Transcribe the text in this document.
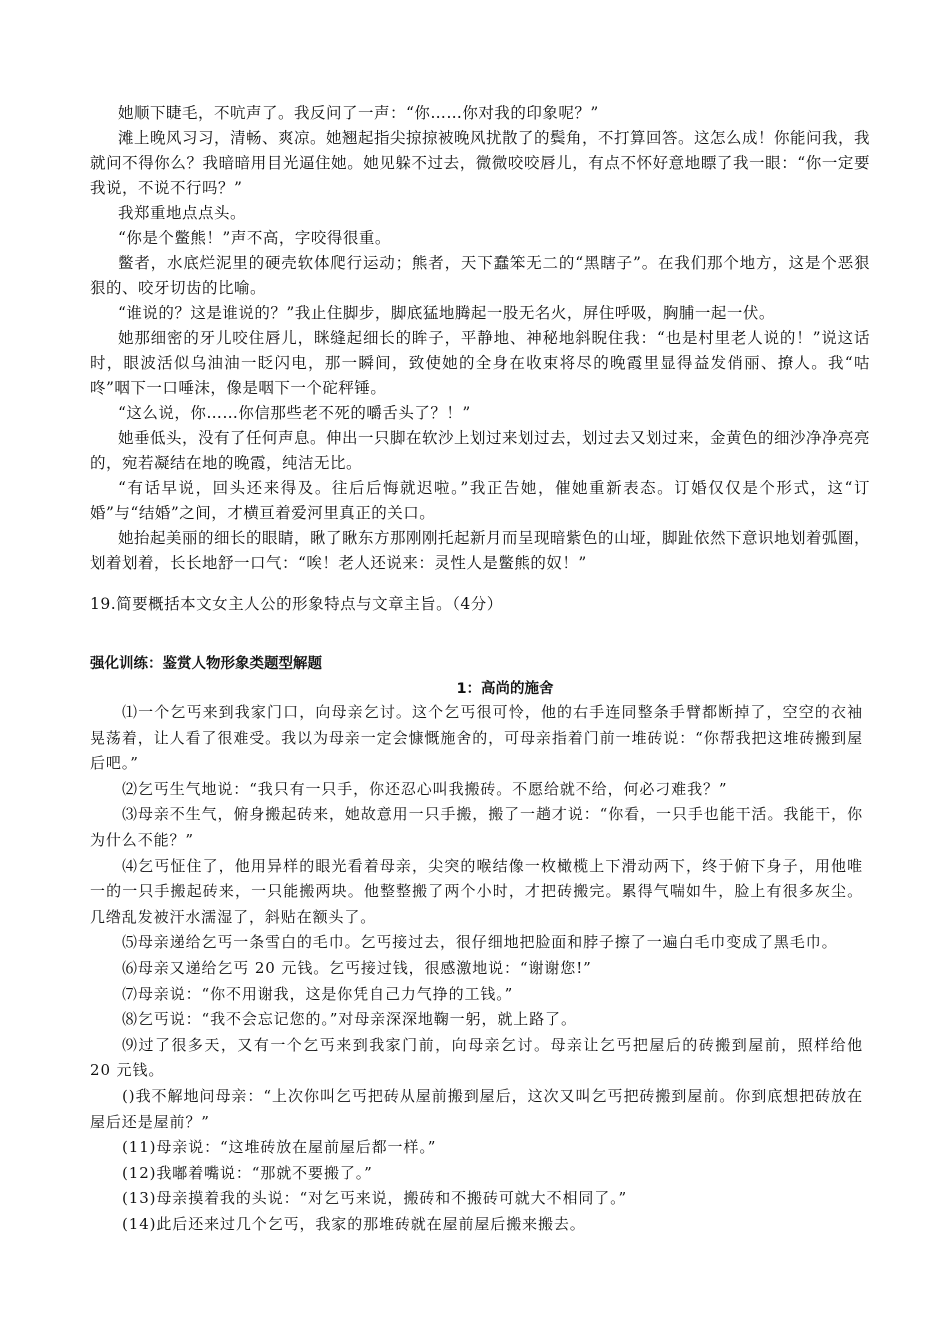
她顺下睫毛，不吭声了。我反问了一声：“你……你对我的印象呢？”

滩上晚风习习，清畅、爽凉。她翘起指尖掠掠被晚风扰散了的鬓角，不打算回答。这怎么成！你能问我，我就问不得你么？我暗暗用目光逼住她。她见躲不过去，微微咬咬唇儿，有点不怀好意地瞟了我一眼：“你一定要我说，不说不行吗？”

我郑重地点点头。

“你是个鳖熊！”声不高，字咬得很重。

鳖者，水底烂泥里的硬壳软体爬行运动；熊者，天下蠢笨无二的“黑瞎子”。在我们那个地方，这是个恶狠狠的、咬牙切齿的比喻。

“谁说的？这是谁说的？”我止住脚步，脚底猛地腾起一股无名火，屏住呼吸，胸脯一起一伏。

她那细密的牙儿咬住唇儿，眯缝起细长的眸子，平静地、神秘地斜睨住我：“也是村里老人说的！”说这话时，眼波活似乌油油一眨闪电，那一瞬间，致使她的全身在收束将尽的晚霞里显得益发俏丽、撩人。我“咕咚”咽下一口唾沫，像是咽下一个砣秤锤。

“这么说，你……你信那些老不死的嚼舌头了？！”

她垂低头，没有了任何声息。伸出一只脚在软沙上划过来划过去，划过去又划过来，金黄色的细沙净净亮亮的，宛若凝结在地的晚霞，纯洁无比。

“有话早说，回头还来得及。往后后悔就迟啦。”我正告她，催她重新表态。订婚仅仅是个形式，这“订婚”与“结婚”之间，才横亘着爱河里真正的关口。

她抬起美丽的细长的眼睛，瞅了瞅东方那刚刚托起新月而呈现暗紫色的山垭，脚趾依然下意识地划着弧圈，划着划着，长长地舒一口气：“唉！老人还说来：灵性人是鳖熊的奴！”

19.简要概括本文女主人公的形象特点与文章主旨。（4分）
强化训练：鉴赏人物形象类题型解题
1：高尚的施舍

⑴一个乞丐来到我家门口，向母亲乞讨。这个乞丐很可怜，他的右手连同整条手臂都断掉了，空空的衣袖晃荡着，让人看了很难受。我以为母亲一定会慷慨施舍的，可母亲指着门前一堆砖说：“你帮我把这堆砖搬到屋后吧。”

⑵乞丐生气地说：“我只有一只手，你还忍心叫我搬砖。不愿给就不给，何必刁难我？”

⑶母亲不生气，俯身搬起砖来，她故意用一只手搬，搬了一趟才说：“你看，一只手也能干活。我能干，你为什么不能？”

⑷乞丐怔住了，他用异样的眼光看着母亲，尖突的喉结像一枚橄榄上下滑动两下，终于俯下身子，用他唯一的一只手搬起砖来，一只能搬两块。他整整搬了两个小时，才把砖搬完。累得气喘如牛，脸上有很多灰尘。几绺乱发被汗水濡湿了，斜贴在额头了。

⑸母亲递给乞丐一条雪白的毛巾。乞丐接过去，很仔细地把脸面和脖子擦了一遍白毛巾变成了黑毛巾。

⑹母亲又递给乞丐 20 元钱。乞丐接过钱，很感激地说：“谢谢您!”

⑺母亲说：“你不用谢我，这是你凭自己力气挣的工钱。”

⑻乞丐说：“我不会忘记您的。”对母亲深深地鞠一躬，就上路了。

⑼过了很多天，又有一个乞丐来到我家门前，向母亲乞讨。母亲让乞丐把屋后的砖搬到屋前，照样给他 20 元钱。

()我不解地问母亲：“上次你叫乞丐把砖从屋前搬到屋后，这次又叫乞丐把砖搬到屋前。你到底想把砖放在屋后还是屋前？”

(11)母亲说：“这堆砖放在屋前屋后都一样。”

(12)我嘟着嘴说：“那就不要搬了。”

(13)母亲摸着我的头说：“对乞丐来说，搬砖和不搬砖可就大不相同了。”

(14)此后还来过几个乞丐，我家的那堆砖就在屋前屋后搬来搬去。
